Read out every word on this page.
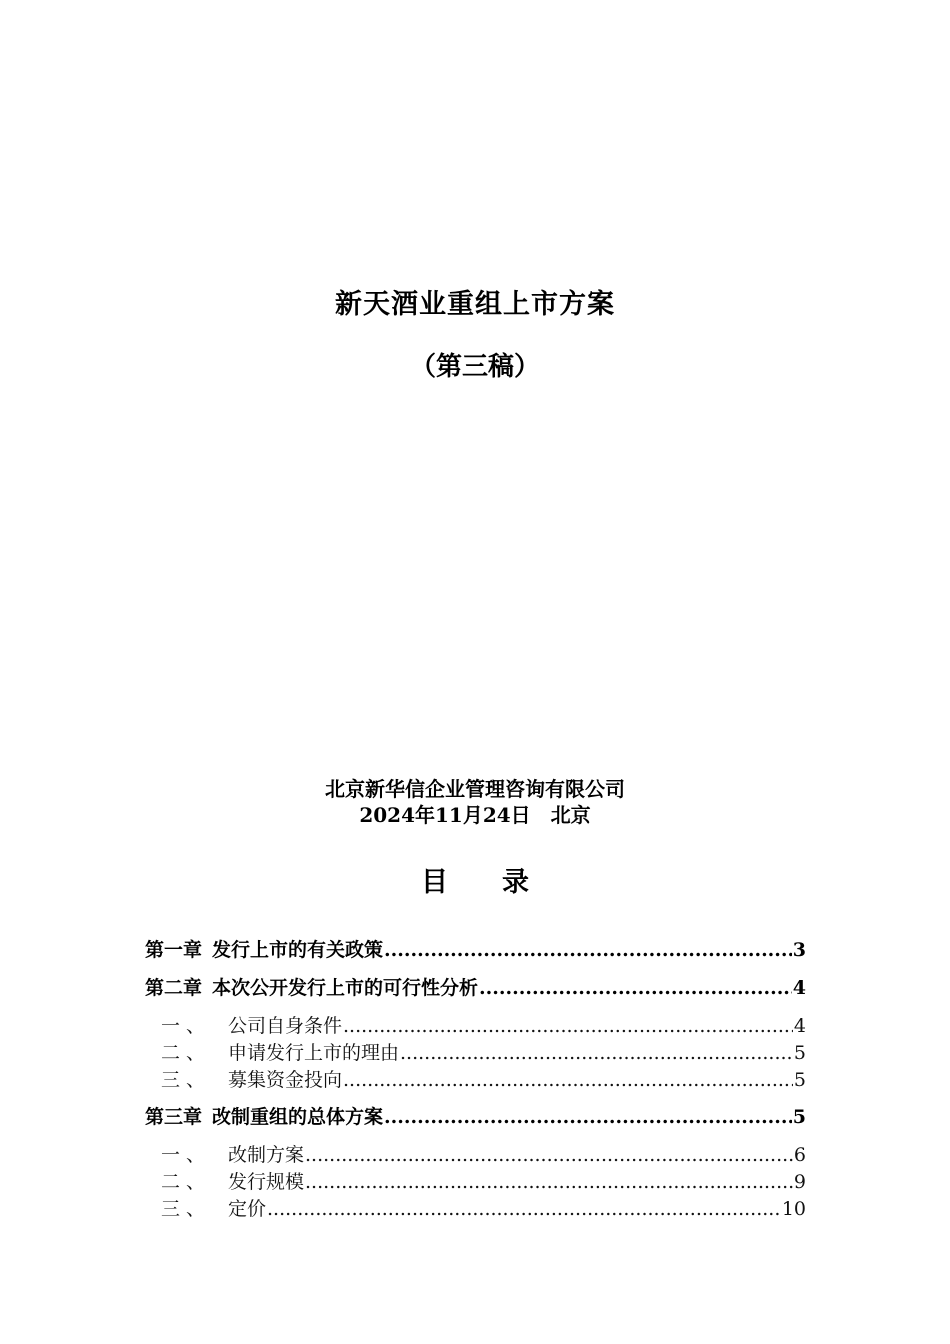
新天酒业重组上市方案
（第三稿）
北京新华信企业管理咨询有限公司
2024年11月24日　北京
目　　录
第一章 发行上市的有关政策 .....	3
第二章 本次公开发行上市的可行性分析 .....	4
一 、	公司自身条件 .....	4
二 、	申请发行上市的理由 .....	5
三 、	募集资金投向 .....	5
第三章 改制重组的总体方案 .....	5
一 、	改制方案 .....	6
二 、	发行规模 .....	9
三 、	定价 .....	10
